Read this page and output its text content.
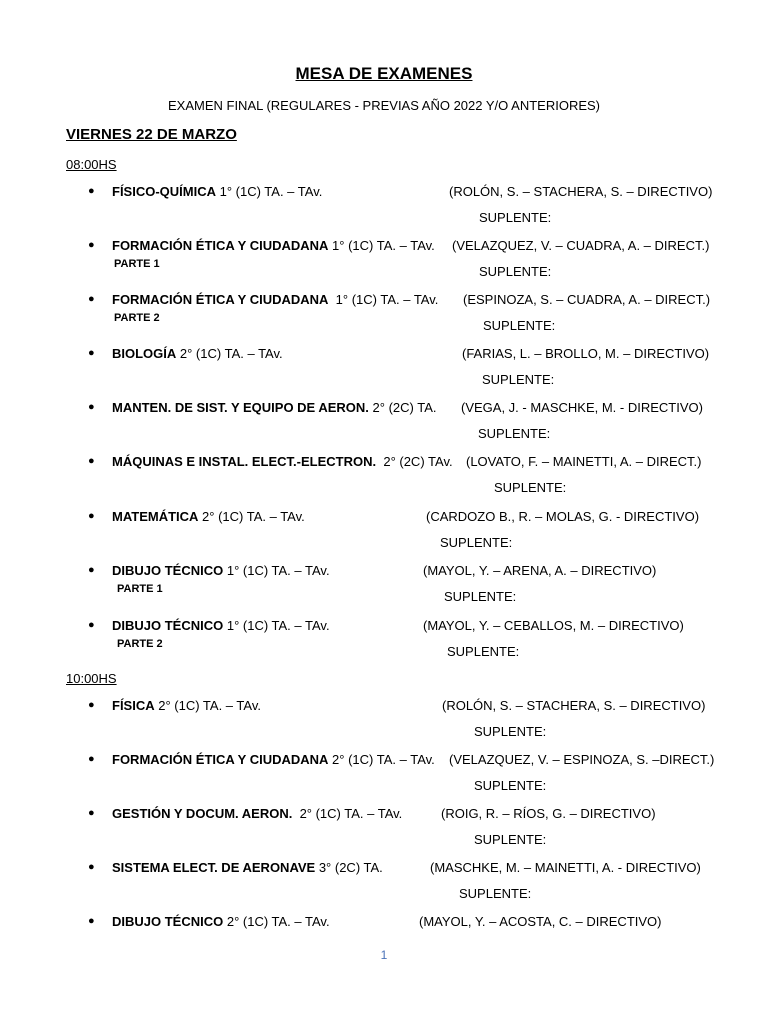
MESA DE EXAMENES
EXAMEN FINAL (REGULARES - PREVIAS AÑO 2022 Y/O ANTERIORES)
VIERNES 22 DE MARZO
08:00HS
10:00HS
● FÍSICO-QUÍMICA 1° (1C) TA. – TAv.	(ROLÓN, S. – STACHERA, S. – DIRECTIVO)
SUPLENTE:
● FORMACIÓN ÉTICA Y CIUDADANA 1° (1C) TA. – TAv. (VELAZQUEZ, V. – CUADRA, A. – DIRECT.)
PARTE 1	SUPLENTE:
● FORMACIÓN ÉTICA Y CIUDADANA  1° (1C) TA. – TAv. (ESPINOZA, S. – CUADRA, A. – DIRECT.)
PARTE 2	SUPLENTE:
● BIOLOGÍA 2° (1C) TA. – TAv.	(FARIAS, L. – BROLLO, M. – DIRECTIVO)
SUPLENTE:
● MANTEN. DE SIST. Y EQUIPO DE AERON. 2° (2C) TA. (VEGA, J. - MASCHKE, M. - DIRECTIVO)
SUPLENTE:
● MÁQUINAS E INSTAL. ELECT.-ELECTRON.  2° (2C) TAv. (LOVATO, F. – MAINETTI, A. – DIRECT.)
SUPLENTE:
● MATEMÁTICA 2° (1C) TA. – TAv.	(CARDOZO B., R. – MOLAS, G. - DIRECTIVO)
SUPLENTE:
● DIBUJO TÉCNICO 1° (1C) TA. – TAv.	(MAYOL, Y. – ARENA, A. – DIRECTIVO)
PARTE 1	SUPLENTE:
● DIBUJO TÉCNICO 1° (1C) TA. – TAv.	(MAYOL, Y. – CEBALLOS, M. – DIRECTIVO)
PARTE 2	SUPLENTE:
● FÍSICA 2° (1C) TA. – TAv.	(ROLÓN, S. – STACHERA, S. – DIRECTIVO)
SUPLENTE:
● FORMACIÓN ÉTICA Y CIUDADANA 2° (1C) TA. – TAv. (VELAZQUEZ, V. – ESPINOZA, S. –DIRECT.)
SUPLENTE:
● GESTIÓN Y DOCUM. AERON.  2° (1C) TA. – TAv.	(ROIG, R. – RÍOS, G. – DIRECTIVO)
SUPLENTE:
● SISTEMA ELECT. DE AERONAVE 3° (2C) TA.	(MASCHKE, M. – MAINETTI, A. - DIRECTIVO)
SUPLENTE:
● DIBUJO TÉCNICO 2° (1C) TA. – TAv.	(MAYOL, Y. – ACOSTA, C. – DIRECTIVO)
1
